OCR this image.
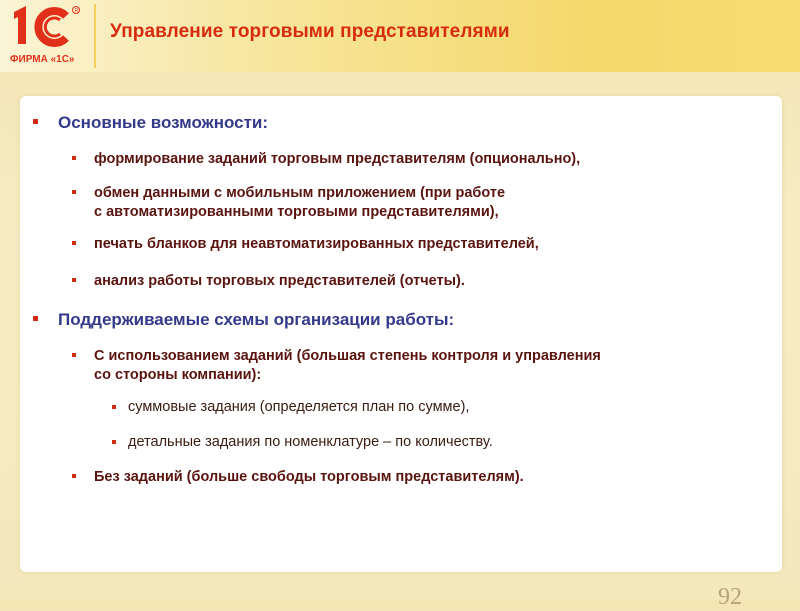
R
ФИРМА «1С»
Управление торговыми представителями
Основные возможности:
формирование заданий торговым представителям (опционально),
обмен данными с мобильным приложением (при работе
с автоматизированными торговыми представителями),
печать бланков для неавтоматизированных представителей,
анализ работы торговых представителей (отчеты).
Поддерживаемые схемы организации работы:
С использованием заданий (большая степень контроля и управления
со стороны компании):
суммовые задания (определяется план по сумме),
детальные задания по номенклатуре – по количеству.
Без заданий (больше свободы торговым представителям).
92
